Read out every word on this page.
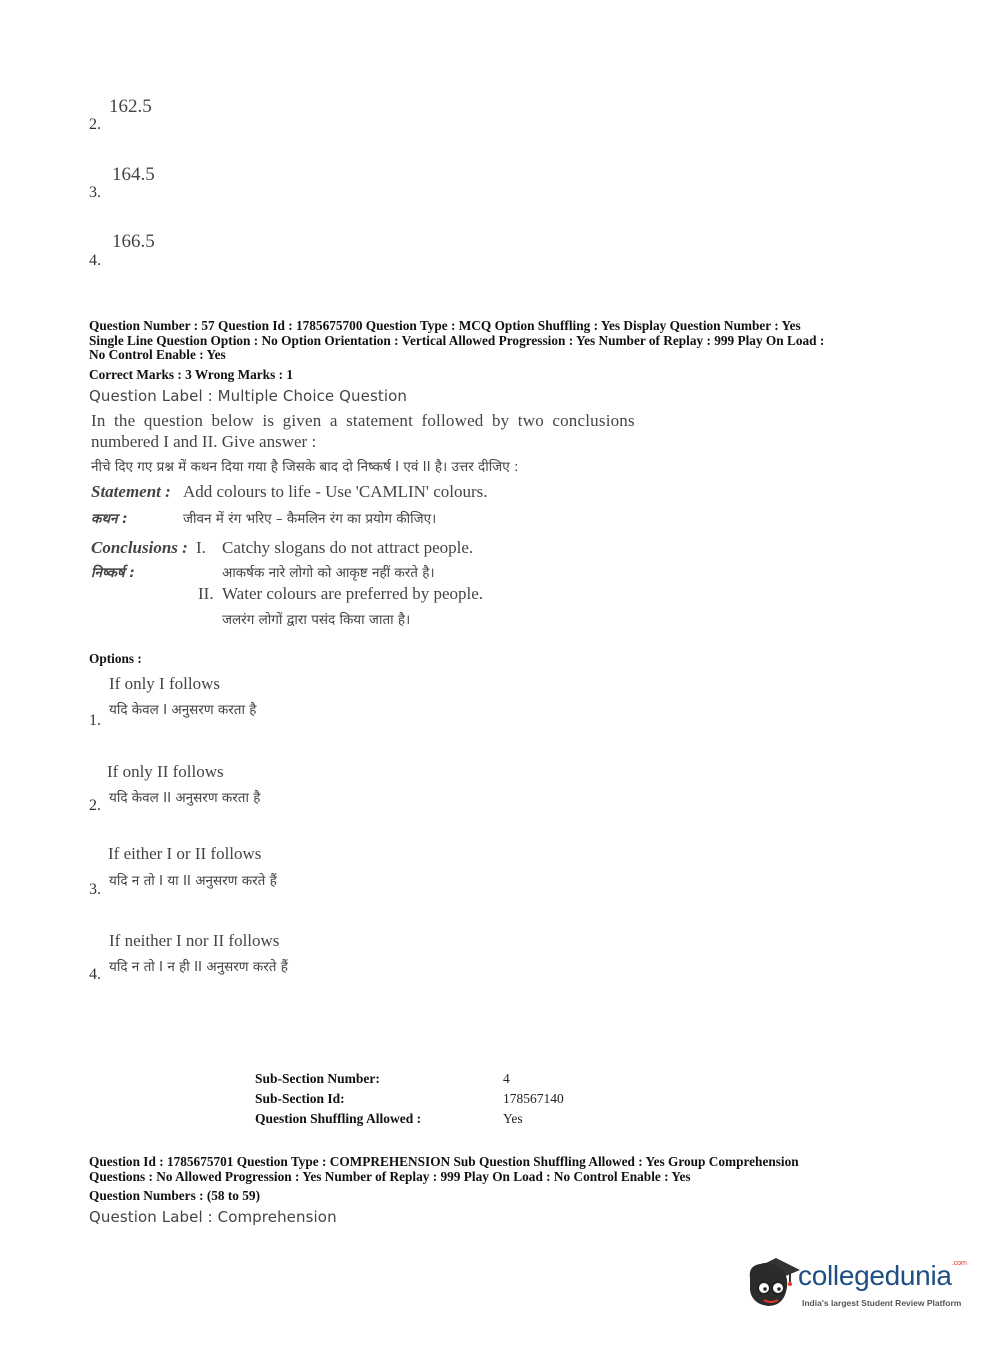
162.5
2.
164.5
3.
166.5
4.
Question Number : 57 Question Id : 1785675700 Question Type : MCQ Option Shuffling : Yes Display Question Number : Yes
Single Line Question Option : No Option Orientation : Vertical Allowed Progression : Yes Number of Replay : 999 Play On Load :
No Control Enable : Yes
Correct Marks : 3 Wrong Marks : 1
Question Label : Multiple Choice Question
In the question below is given a statement followed by two conclusions
numbered I and II. Give answer :
नीचे दिए गए प्रश्न में कथन दिया गया है जिसके बाद दो निष्कर्ष I एवं II है। उत्तर दीजिए :
Statement : Add colours to life - Use 'CAMLIN' colours.
कथन :	जीवन में रंग भरिए – कैमलिन रंग का प्रयोग कीजिए।
Conclusions : I. Catchy slogans do not attract people.
निष्कर्ष :	आकर्षक नारे लोगो को आकृष्ट नहीं करते है।
II. Water colours are preferred by people.
जलरंग लोगों द्वारा पसंद किया जाता है।
Options :
If only I follows
यदि केवल I अनुसरण करता है
1.
If only II follows
यदि केवल II अनुसरण करता है
2.
If either I or II follows
यदि न तो I या II अनुसरण करते हैं
3.
If neither I nor II follows
यदि न तो I न ही II अनुसरण करते हैं
4.
Sub-Section Number:	4
Sub-Section Id:	178567140
Question Shuffling Allowed :	Yes
Question Id : 1785675701 Question Type : COMPREHENSION Sub Question Shuffling Allowed : Yes Group Comprehension
Questions : No Allowed Progression : Yes Number of Replay : 999 Play On Load : No Control Enable : Yes
Question Numbers : (58 to 59)
Question Label : Comprehension
collegedunia$^{.com}$
India's largest Student Review Platform
